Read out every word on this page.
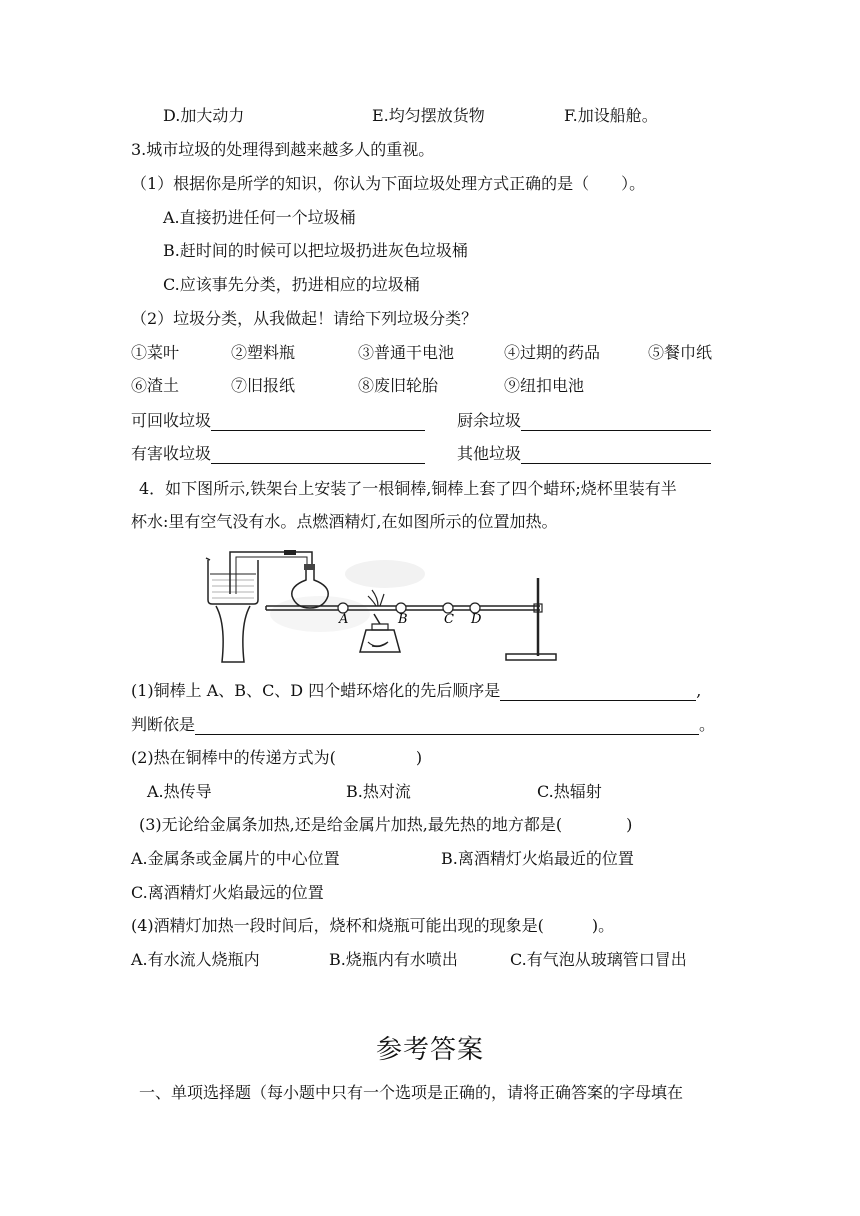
D.加大动力	E.均匀摆放货物	F.加设船舱。
3.城市垃圾的处理得到越来越多人的重视。
（1）根据你是所学的知识，你认为下面垃圾处理方式正确的是（　　）。
A.直接扔进任何一个垃圾桶
B.赶时间的时候可以把垃圾扔进灰色垃圾桶
C.应该事先分类，扔进相应的垃圾桶
（2）垃圾分类，从我做起！请给下列垃圾分类？
①菜叶	②塑料瓶	③普通干电池	④过期的药品	⑤餐巾纸
⑥渣土	⑦旧报纸	⑧废旧轮胎	⑨纽扣电池
可回收垃圾	厨余垃圾
有害收垃圾	其他垃圾
4．如下图所示,铁架台上安装了一根铜棒,铜棒上套了四个蜡环;烧杯里装有半
杯水:里有空气没有水。点燃酒精灯,在如图所示的位置加热。
A	B	C D
(1)铜棒上 A、B、C、D 四个蜡环熔化的先后顺序是	,
判断依是	。
(2)热在铜棒中的传递方式为(　　　　　)
A.热传导	B.热对流	C.热辐射
(3)无论给金属条加热,还是给金属片加热,最先热的地方都是(　　　　)
A.金属条或金属片的中心位置	B.离酒精灯火焰最近的位置
C.离酒精灯火焰最远的位置
(4)酒精灯加热一段时间后，烧杯和烧瓶可能出现的现象是(　　　)。
A.有水流人烧瓶内	B.烧瓶内有水喷出	C.有气泡从玻璃管口冒出
参考答案
一、单项选择题（每小题中只有一个选项是正确的，请将正确答案的字母填在
